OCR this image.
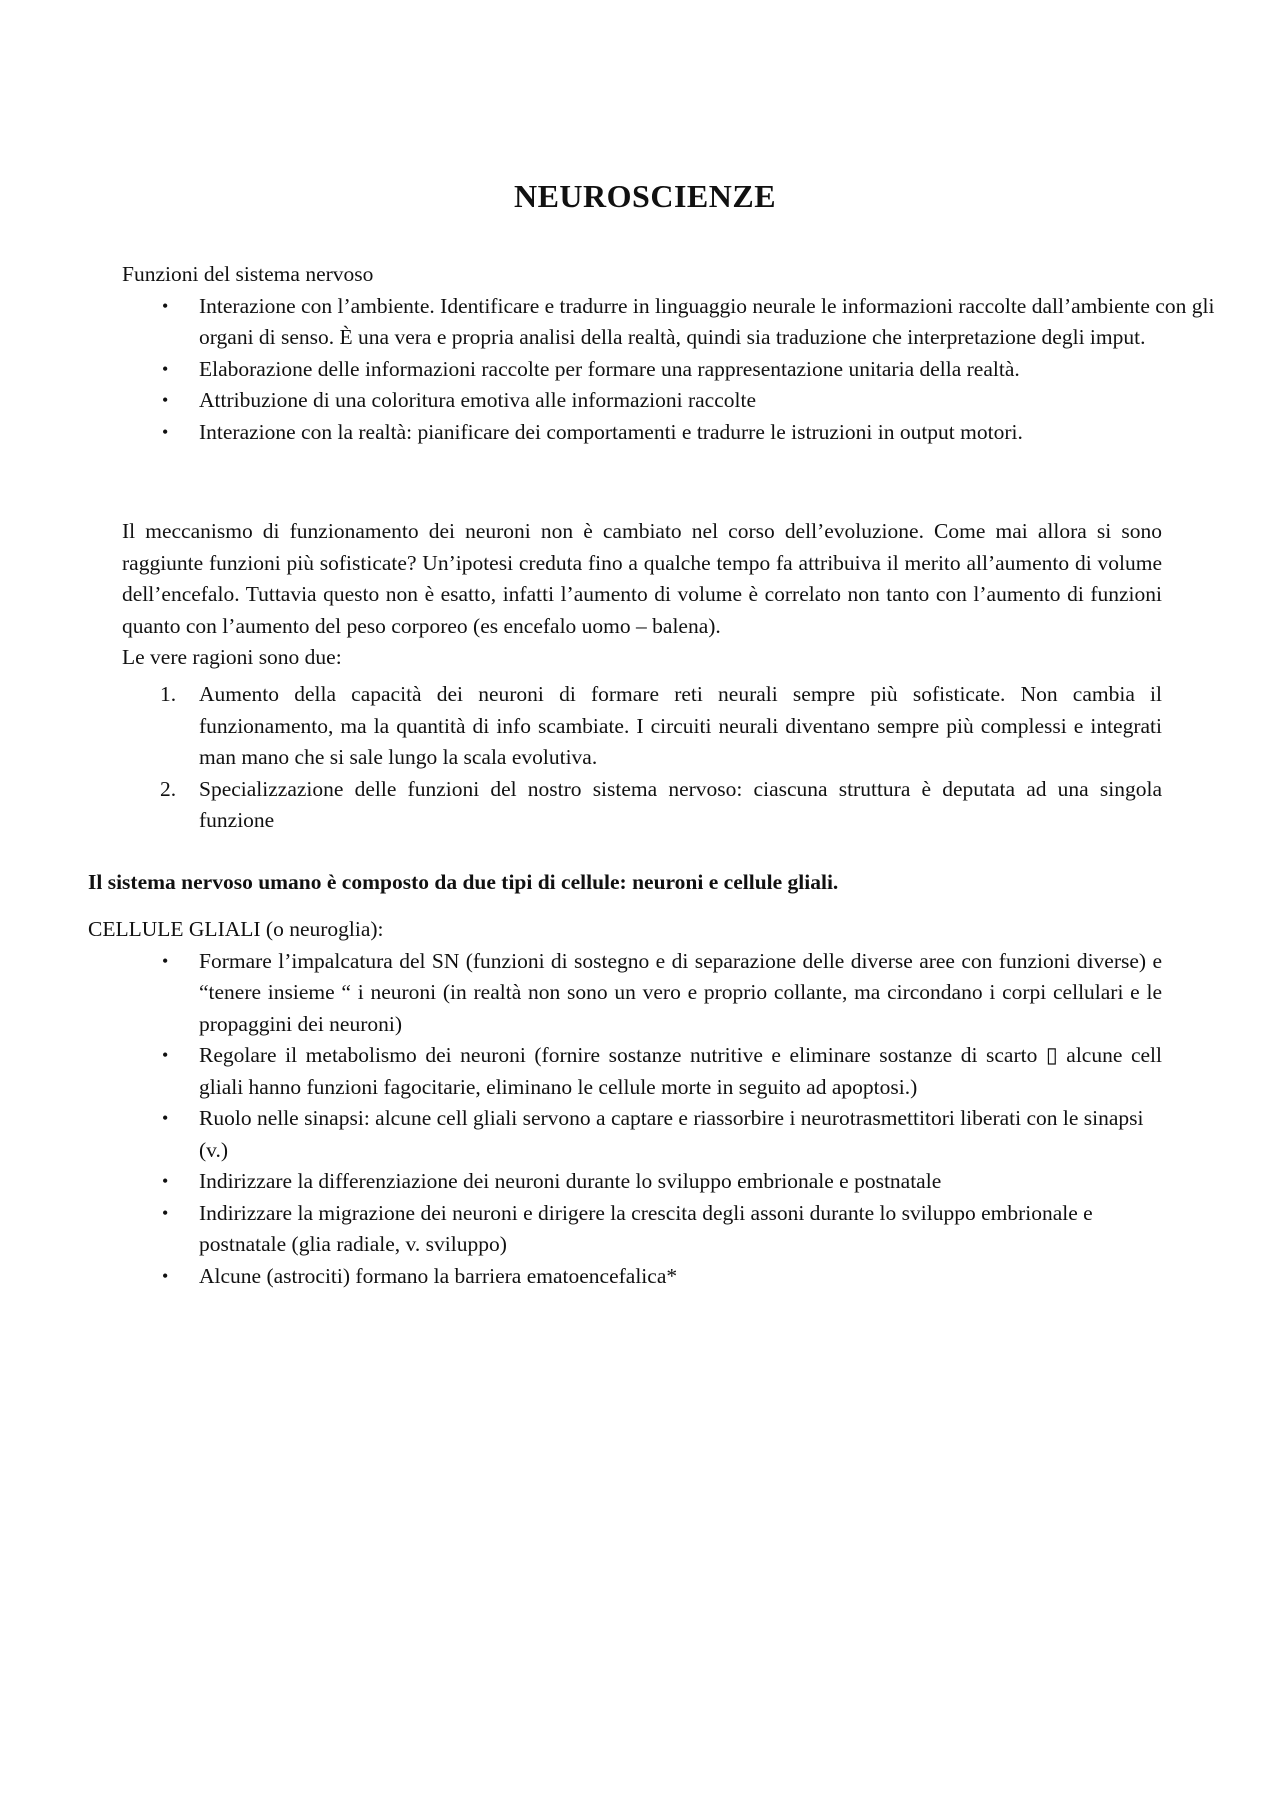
NEUROSCIENZE

Funzioni del sistema nervoso

• Interazione con l’ambiente. Identificare e tradurre in linguaggio neurale le informazioni raccolte dall’ambiente con gli organi di senso. È una vera e propria analisi della realtà, quindi sia traduzione che interpretazione degli imput.
• Elaborazione delle informazioni raccolte per formare una rappresentazione unitaria della realtà.
• Attribuzione di una coloritura emotiva alle informazioni raccolte
• Interazione con la realtà: pianificare dei comportamenti e tradurre le istruzioni in output motori.

Il meccanismo di funzionamento dei neuroni non è cambiato nel corso dell’evoluzione. Come mai allora si sono raggiunte funzioni più sofisticate? Un’ipotesi creduta fino a qualche tempo fa attribuiva il merito all’aumento di volume dell’encefalo. Tuttavia questo non è esatto, infatti l’aumento di volume è correlato non tanto con l’aumento di funzioni quanto con l’aumento del peso corporeo (es encefalo uomo – balena).

Le vere ragioni sono due:

1. Aumento della capacità dei neuroni di formare reti neurali sempre più sofisticate. Non cambia il funzionamento, ma la quantità di info scambiate. I circuiti neurali diventano sempre più complessi e integrati man mano che si sale lungo la scala evolutiva.
2. Specializzazione delle funzioni del nostro sistema nervoso: ciascuna struttura è deputata ad una singola funzione
Il sistema nervoso umano è composto da due tipi di cellule: neuroni e cellule gliali.

CELLULE GLIALI (o neuroglia):

• Formare l’impalcatura del SN (funzioni di sostegno e di separazione delle diverse aree con funzioni diverse) e “tenere insieme “ i neuroni (in realtà non sono un vero e proprio collante, ma circondano i corpi cellulari e le propaggini dei neuroni)
• Regolare il metabolismo dei neuroni (fornire sostanze nutritive e eliminare sostanze di scarto ▯ alcune cell gliali hanno funzioni fagocitarie, eliminano le cellule morte in seguito ad apoptosi.)
• Ruolo nelle sinapsi: alcune cell gliali servono a captare e riassorbire i neurotrasmettitori liberati con le sinapsi (v.)
• Indirizzare la differenziazione dei neuroni durante lo sviluppo embrionale e postnatale
• Indirizzare la migrazione dei neuroni e dirigere la crescita degli assoni durante lo sviluppo embrionale e postnatale (glia radiale, v. sviluppo)
• Alcune (astrociti) formano la barriera ematoencefalica*
